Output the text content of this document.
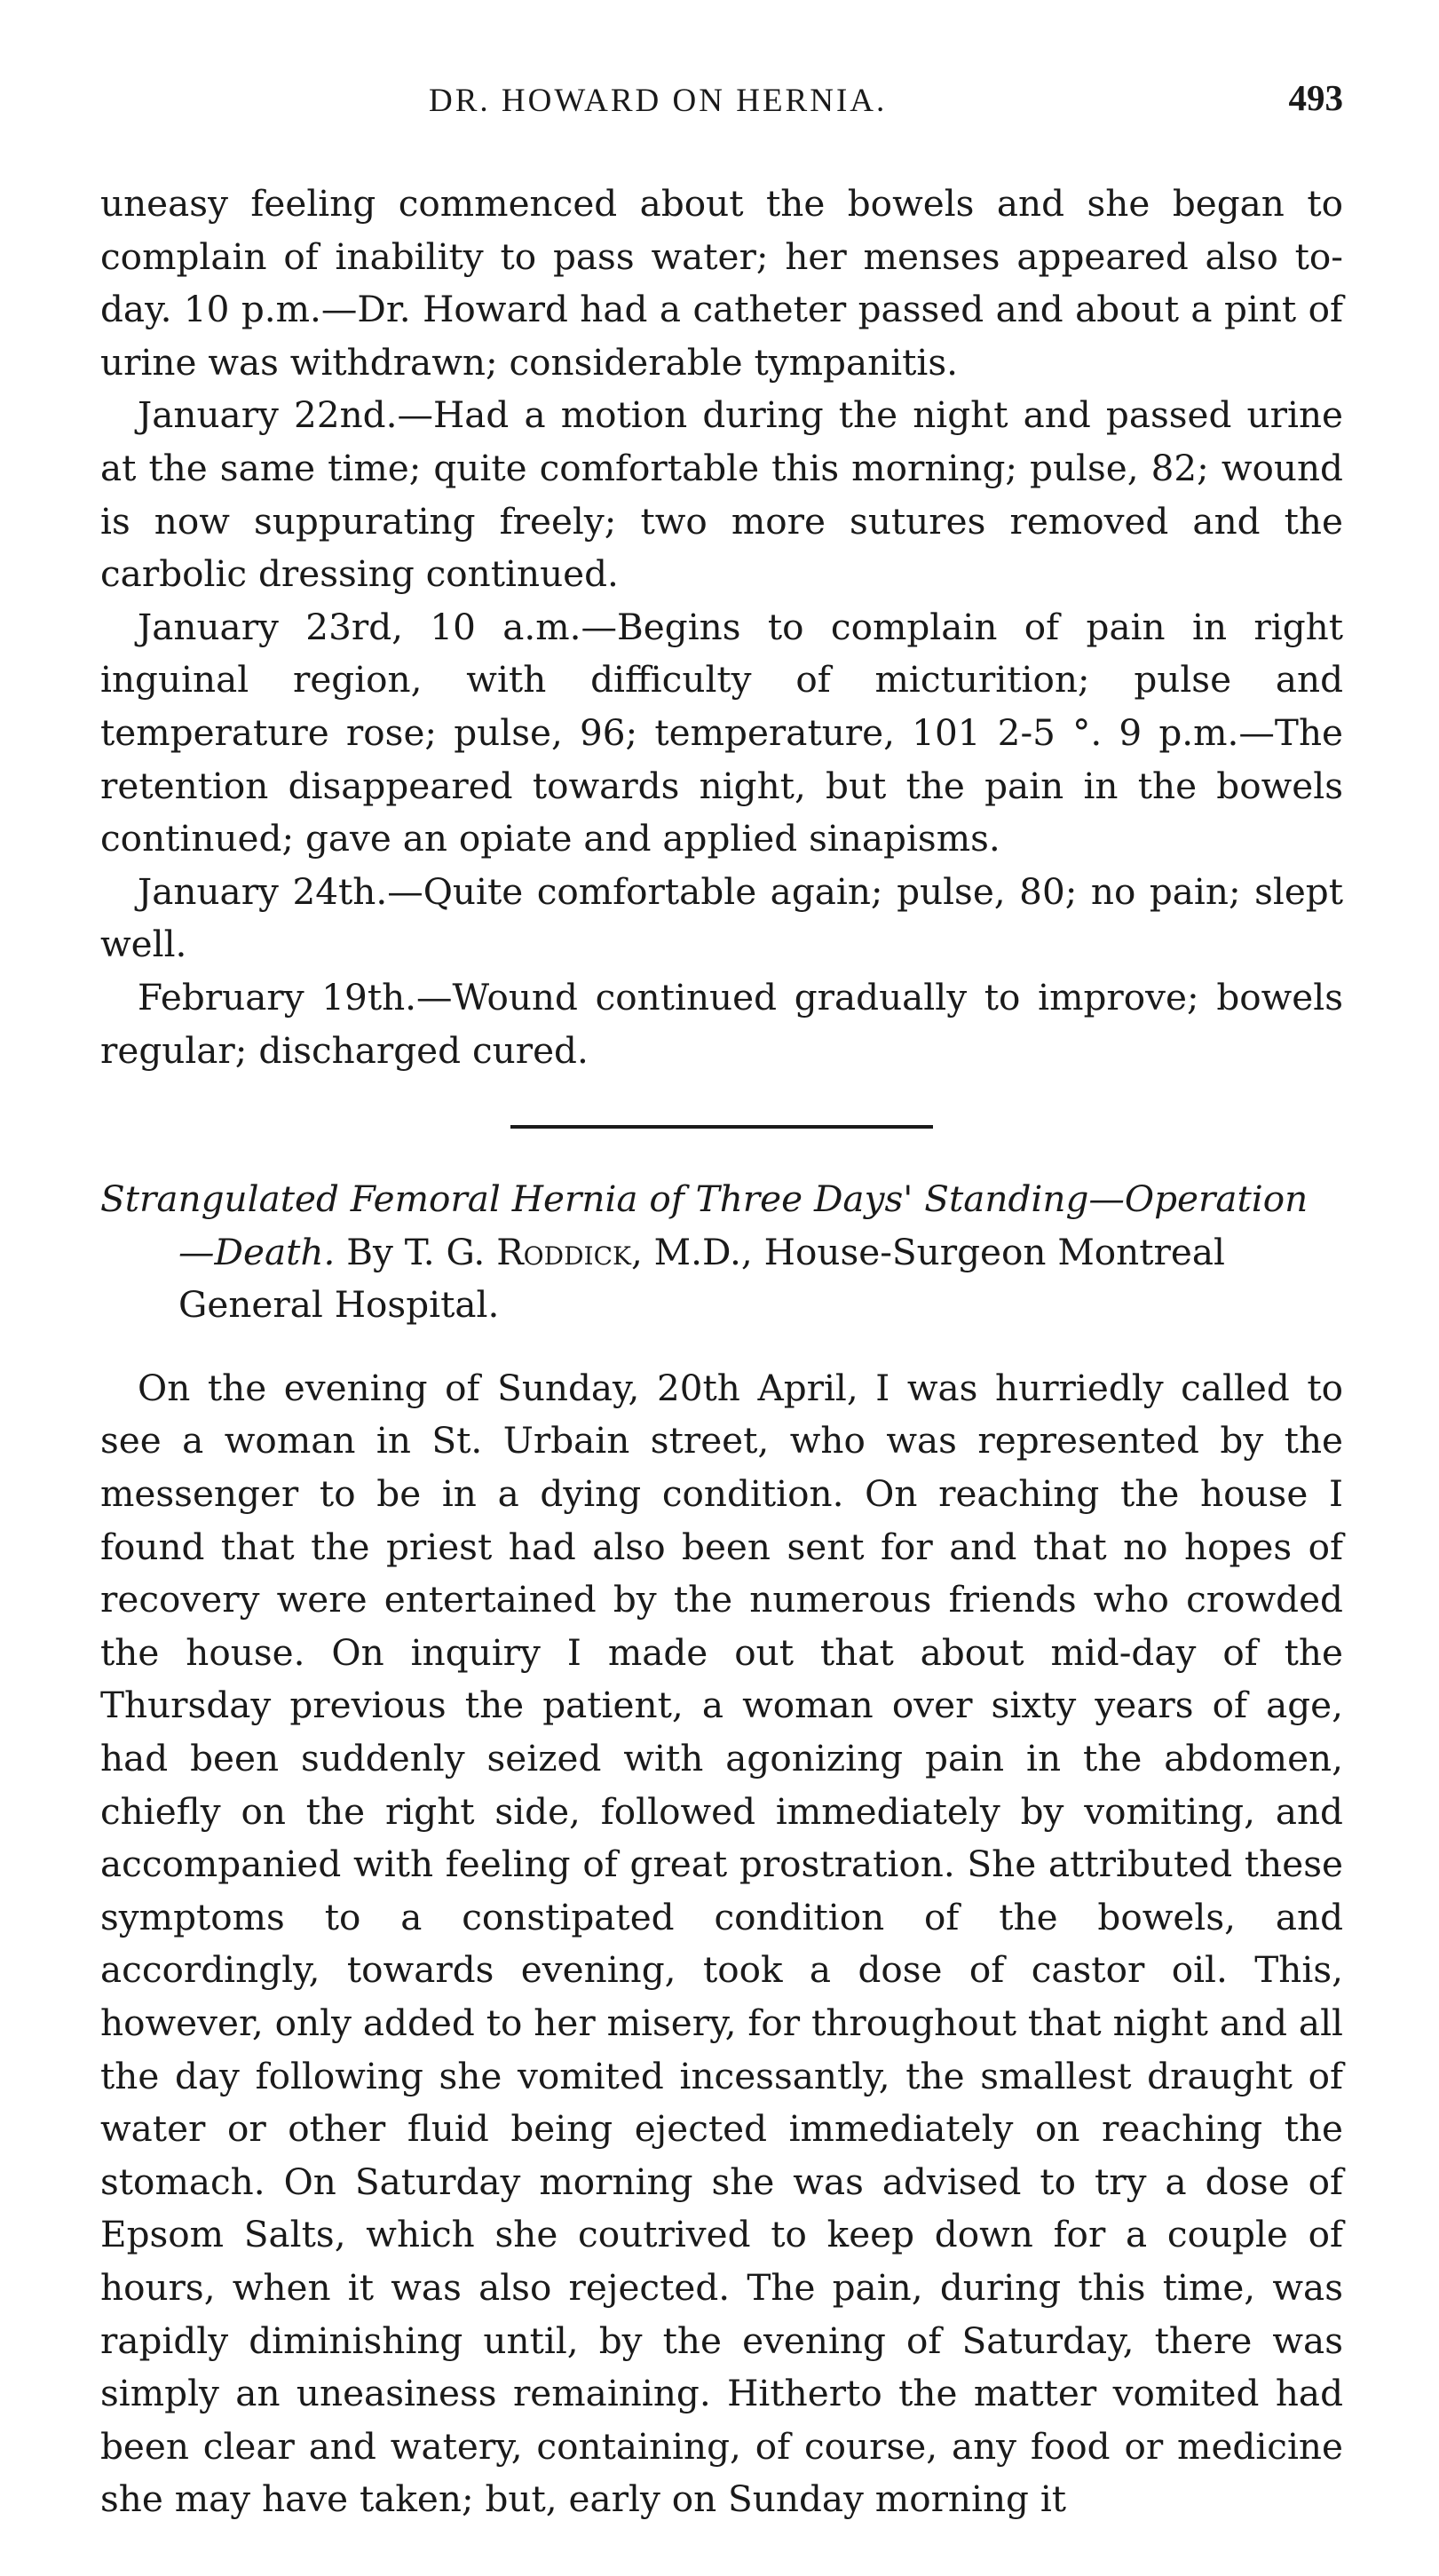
DR. HOWARD ON HERNIA.	493

uneasy feeling commenced about the bowels and she began to complain of inability to pass water; her menses appeared also to-day. 10 p.m.—Dr. Howard had a catheter passed and about a pint of urine was withdrawn; considerable tympanitis.

January 22nd.—Had a motion during the night and passed urine at the same time; quite comfortable this morning; pulse, 82; wound is now suppurating freely; two more sutures removed and the carbolic dressing continued.

January 23rd, 10 a.m.—Begins to complain of pain in right inguinal region, with difficulty of micturition; pulse and temperature rose; pulse, 96; temperature, 101 2-5 °. 9 p.m.—The retention disappeared towards night, but the pain in the bowels continued; gave an opiate and applied sinapisms.

January 24th.—Quite comfortable again; pulse, 80; no pain; slept well.

February 19th.—Wound continued gradually to improve; bowels regular; discharged cured.

Strangulated Femoral Hernia of Three Days' Standing—Operation—Death. By T. G. Roddick, M.D., House-Surgeon Montreal General Hospital.

On the evening of Sunday, 20th April, I was hurriedly called to see a woman in St. Urbain street, who was represented by the messenger to be in a dying condition. On reaching the house I found that the priest had also been sent for and that no hopes of recovery were entertained by the numerous friends who crowded the house. On inquiry I made out that about mid-day of the Thursday previous the patient, a woman over sixty years of age, had been suddenly seized with agonizing pain in the abdomen, chiefly on the right side, followed immediately by vomiting, and accompanied with feeling of great prostration. She attributed these symptoms to a constipated condition of the bowels, and accordingly, towards evening, took a dose of castor oil. This, however, only added to her misery, for throughout that night and all the day following she vomited incessantly, the smallest draught of water or other fluid being ejected immediately on reaching the stomach. On Saturday morning she was advised to try a dose of Epsom Salts, which she coutrived to keep down for a couple of hours, when it was also rejected. The pain, during this time, was rapidly diminishing until, by the evening of Saturday, there was simply an uneasiness remaining. Hitherto the matter vomited had been clear and watery, containing, of course, any food or medicine she may have taken; but, early on Sunday morning it
